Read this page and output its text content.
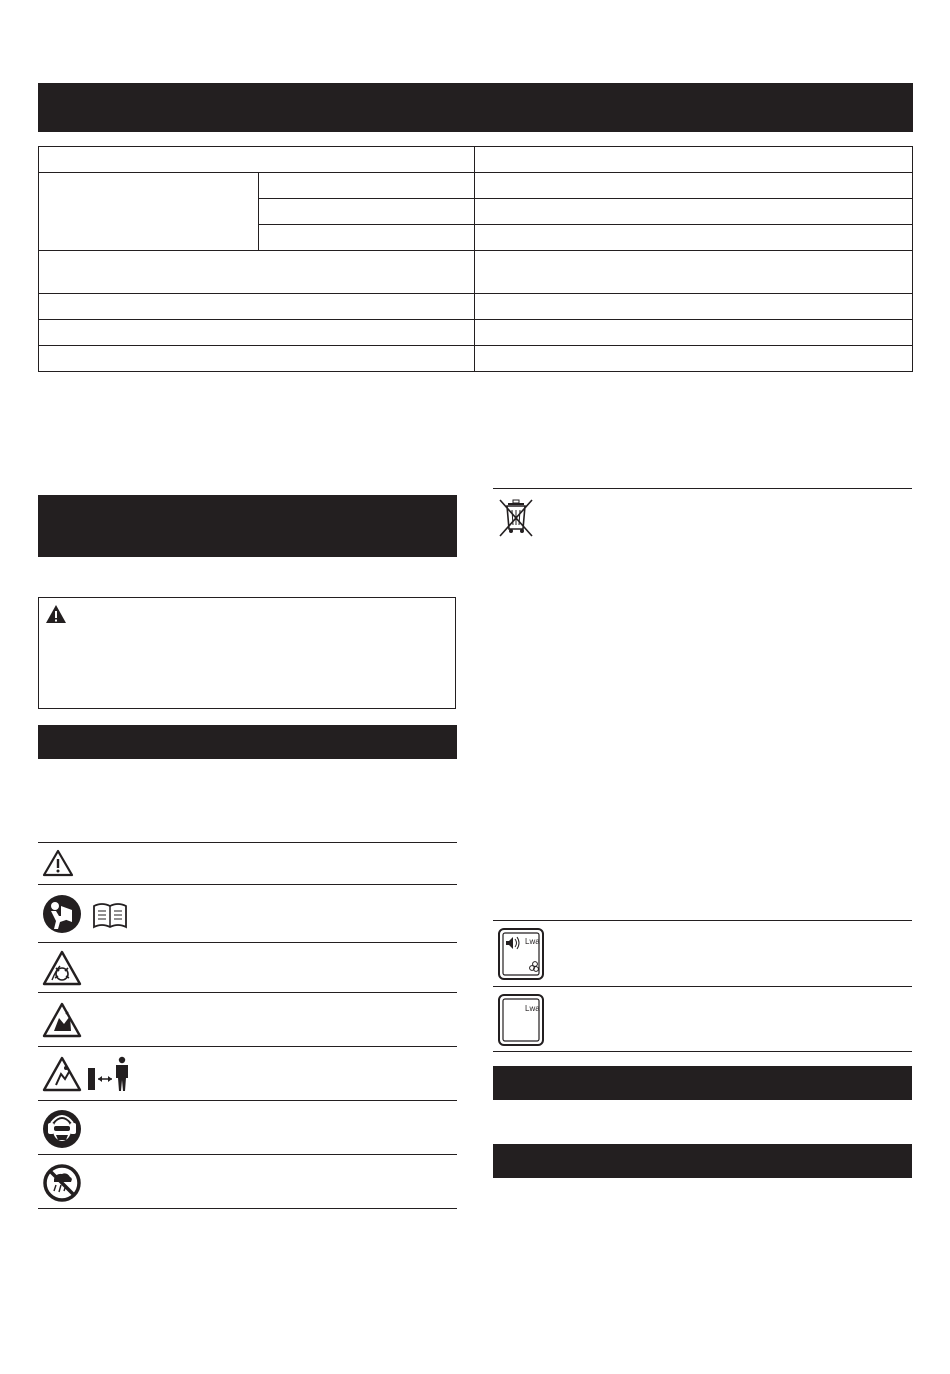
Lwa
Lwa
